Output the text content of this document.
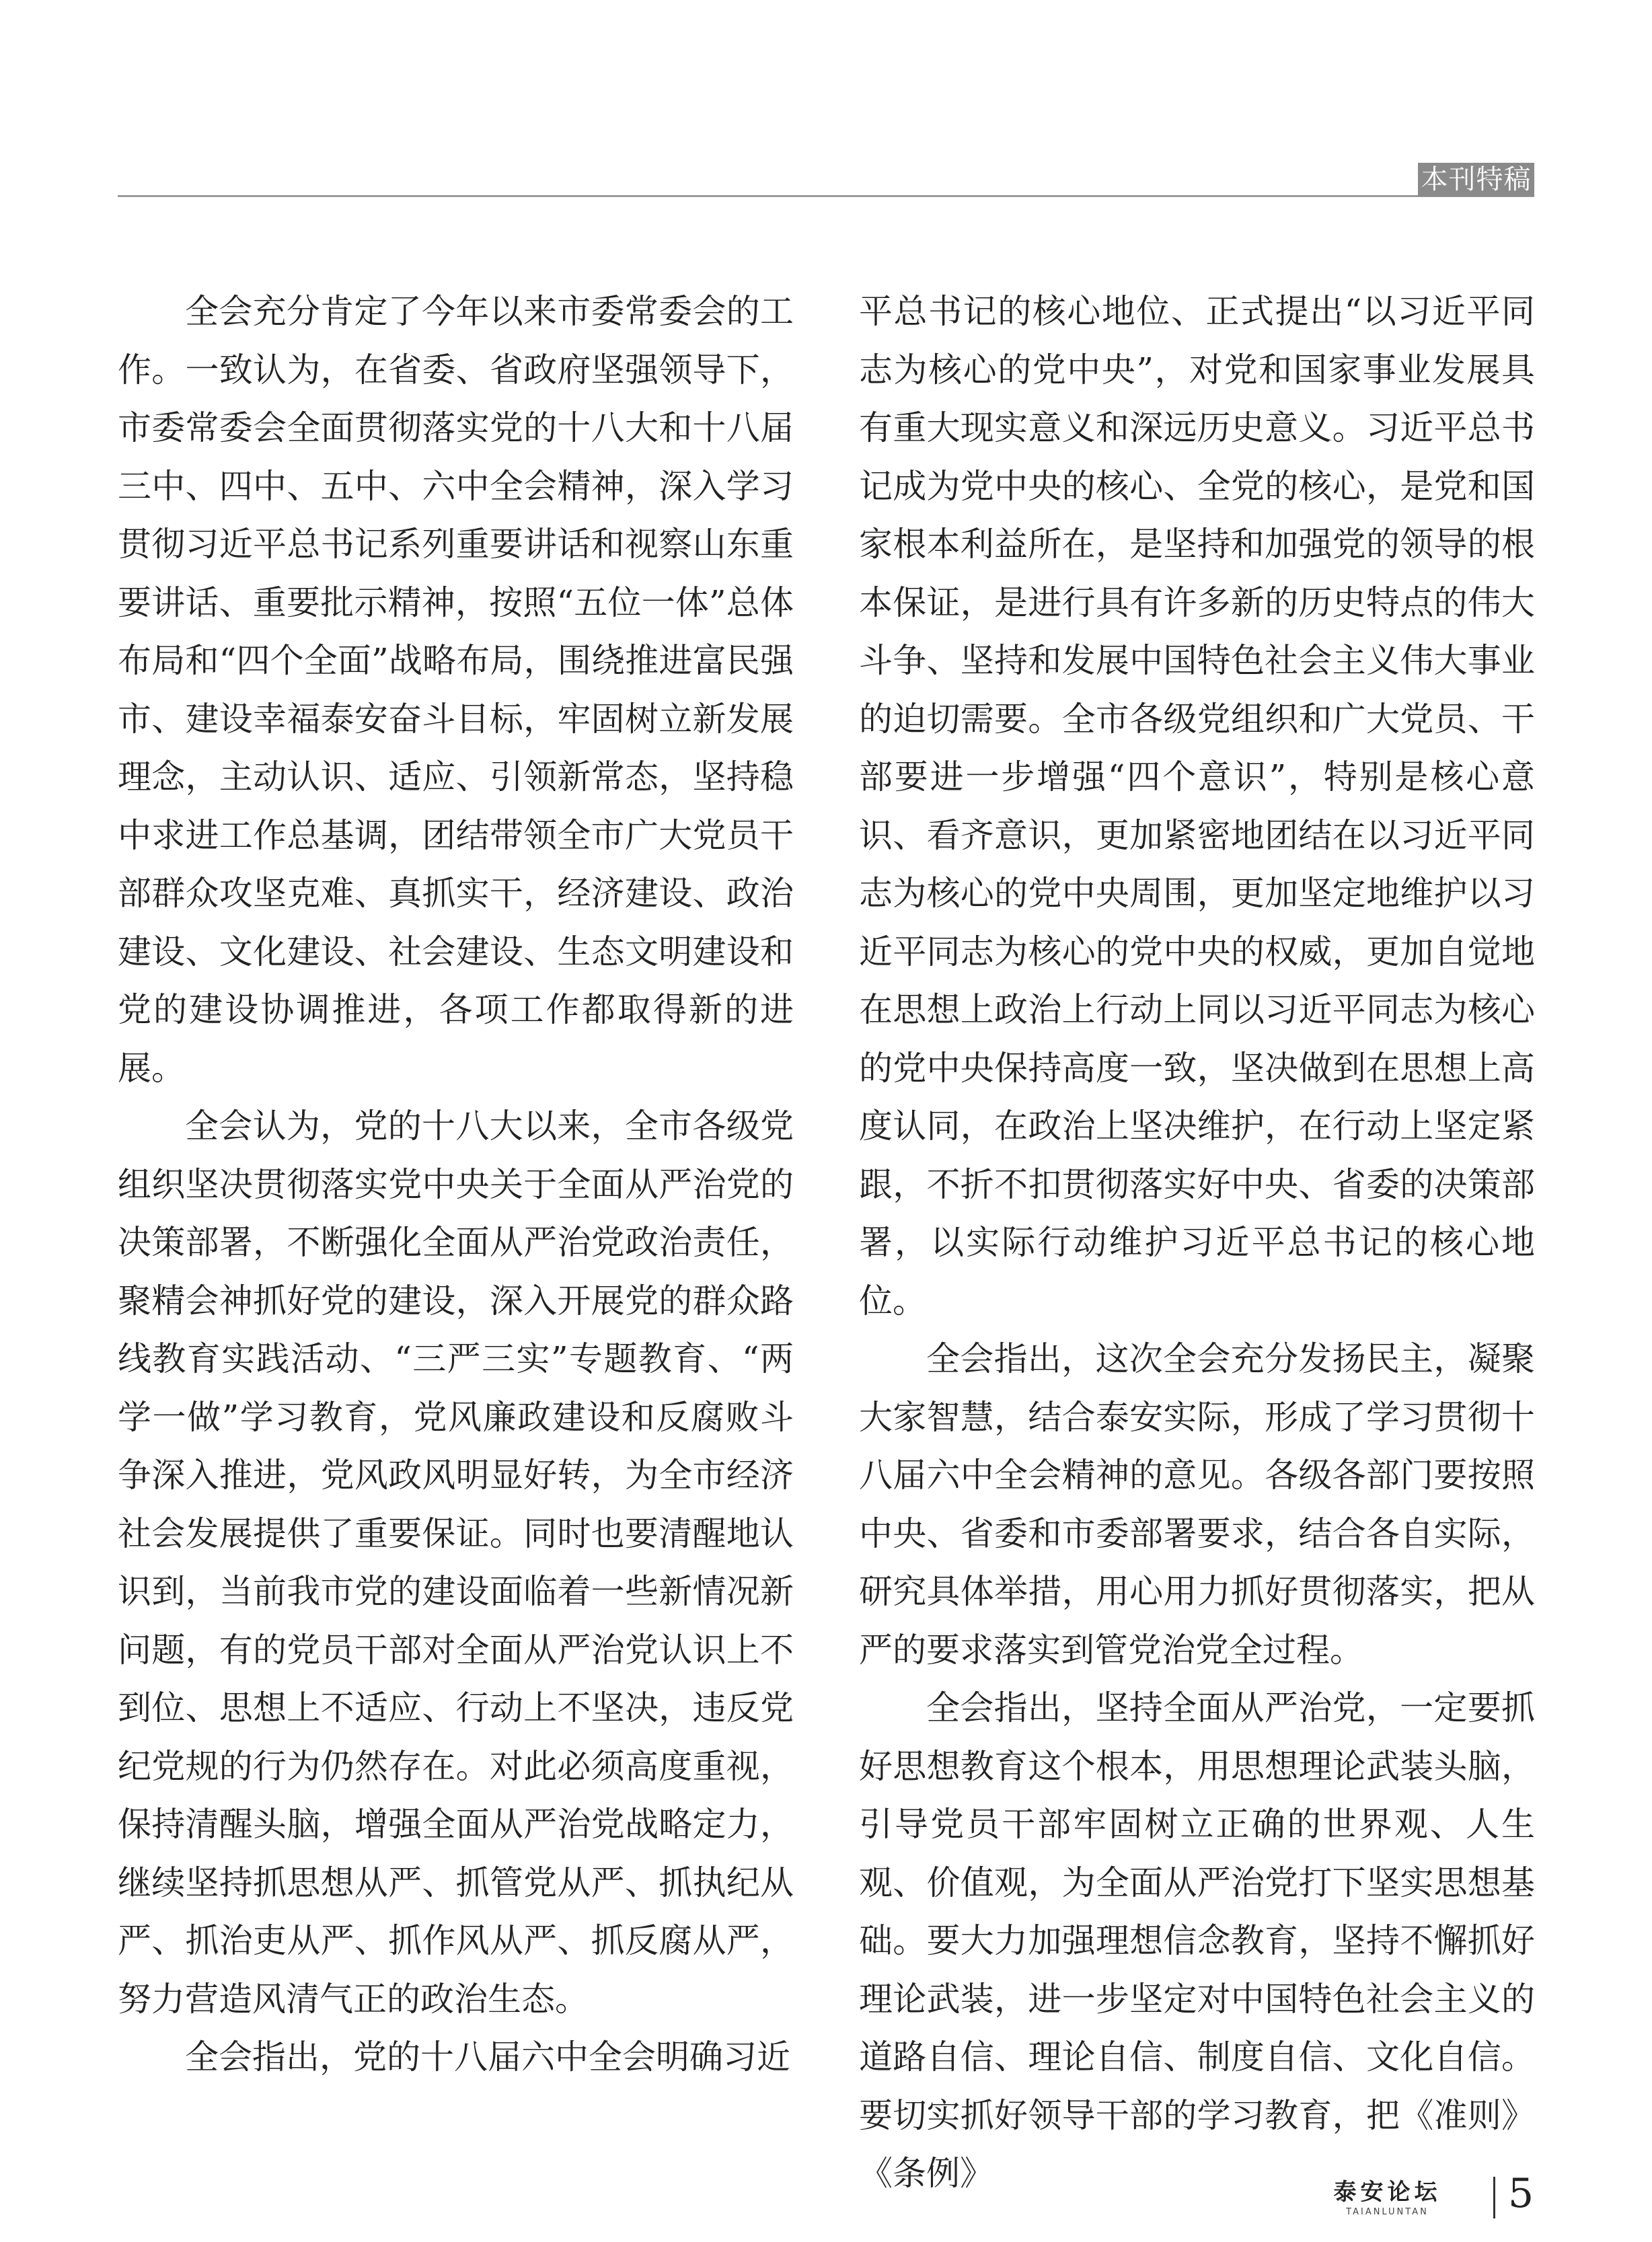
本刊特稿

全会充分肯定了今年以来市委常委会的工作。一致认为，在省委、省政府坚强领导下，市委常委会全面贯彻落实党的十八大和十八届三中、四中、五中、六中全会精神，深入学习贯彻习近平总书记系列重要讲话和视察山东重要讲话、重要批示精神，按照“五位一体”总体布局和“四个全面”战略布局，围绕推进富民强市、建设幸福泰安奋斗目标，牢固树立新发展理念，主动认识、适应、引领新常态，坚持稳中求进工作总基调，团结带领全市广大党员干部群众攻坚克难、真抓实干，经济建设、政治建设、文化建设、社会建设、生态文明建设和党的建设协调推进，各项工作都取得新的进展。

全会认为，党的十八大以来，全市各级党组织坚决贯彻落实党中央关于全面从严治党的决策部署，不断强化全面从严治党政治责任，聚精会神抓好党的建设，深入开展党的群众路线教育实践活动、“三严三实”专题教育、“两学一做”学习教育，党风廉政建设和反腐败斗争深入推进，党风政风明显好转，为全市经济社会发展提供了重要保证。同时也要清醒地认识到，当前我市党的建设面临着一些新情况新问题，有的党员干部对全面从严治党认识上不到位、思想上不适应、行动上不坚决，违反党纪党规的行为仍然存在。对此必须高度重视，保持清醒头脑，增强全面从严治党战略定力，继续坚持抓思想从严、抓管党从严、抓执纪从严、抓治吏从严、抓作风从严、抓反腐从严，努力营造风清气正的政治生态。

全会指出，党的十八届六中全会明确习近

平总书记的核心地位、正式提出“以习近平同志为核心的党中央”，对党和国家事业发展具有重大现实意义和深远历史意义。习近平总书记成为党中央的核心、全党的核心，是党和国家根本利益所在，是坚持和加强党的领导的根本保证，是进行具有许多新的历史特点的伟大斗争、坚持和发展中国特色社会主义伟大事业的迫切需要。全市各级党组织和广大党员、干部要进一步增强“四个意识”，特别是核心意识、看齐意识，更加紧密地团结在以习近平同志为核心的党中央周围，更加坚定地维护以习近平同志为核心的党中央的权威，更加自觉地在思想上政治上行动上同以习近平同志为核心的党中央保持高度一致，坚决做到在思想上高度认同，在政治上坚决维护，在行动上坚定紧跟，不折不扣贯彻落实好中央、省委的决策部署，以实际行动维护习近平总书记的核心地位。

全会指出，这次全会充分发扬民主，凝聚大家智慧，结合泰安实际，形成了学习贯彻十八届六中全会精神的意见。各级各部门要按照中央、省委和市委部署要求，结合各自实际，研究具体举措，用心用力抓好贯彻落实，把从严的要求落实到管党治党全过程。

全会指出，坚持全面从严治党，一定要抓好思想教育这个根本，用思想理论武装头脑，引导党员干部牢固树立正确的世界观、人生观、价值观，为全面从严治党打下坚实思想基础。要大力加强理想信念教育，坚持不懈抓好理论武装，进一步坚定对中国特色社会主义的道路自信、理论自信、制度自信、文化自信。要切实抓好领导干部的学习教育，把《准则》《条例》	泰安论坛
TAIANLUNTAN	5
